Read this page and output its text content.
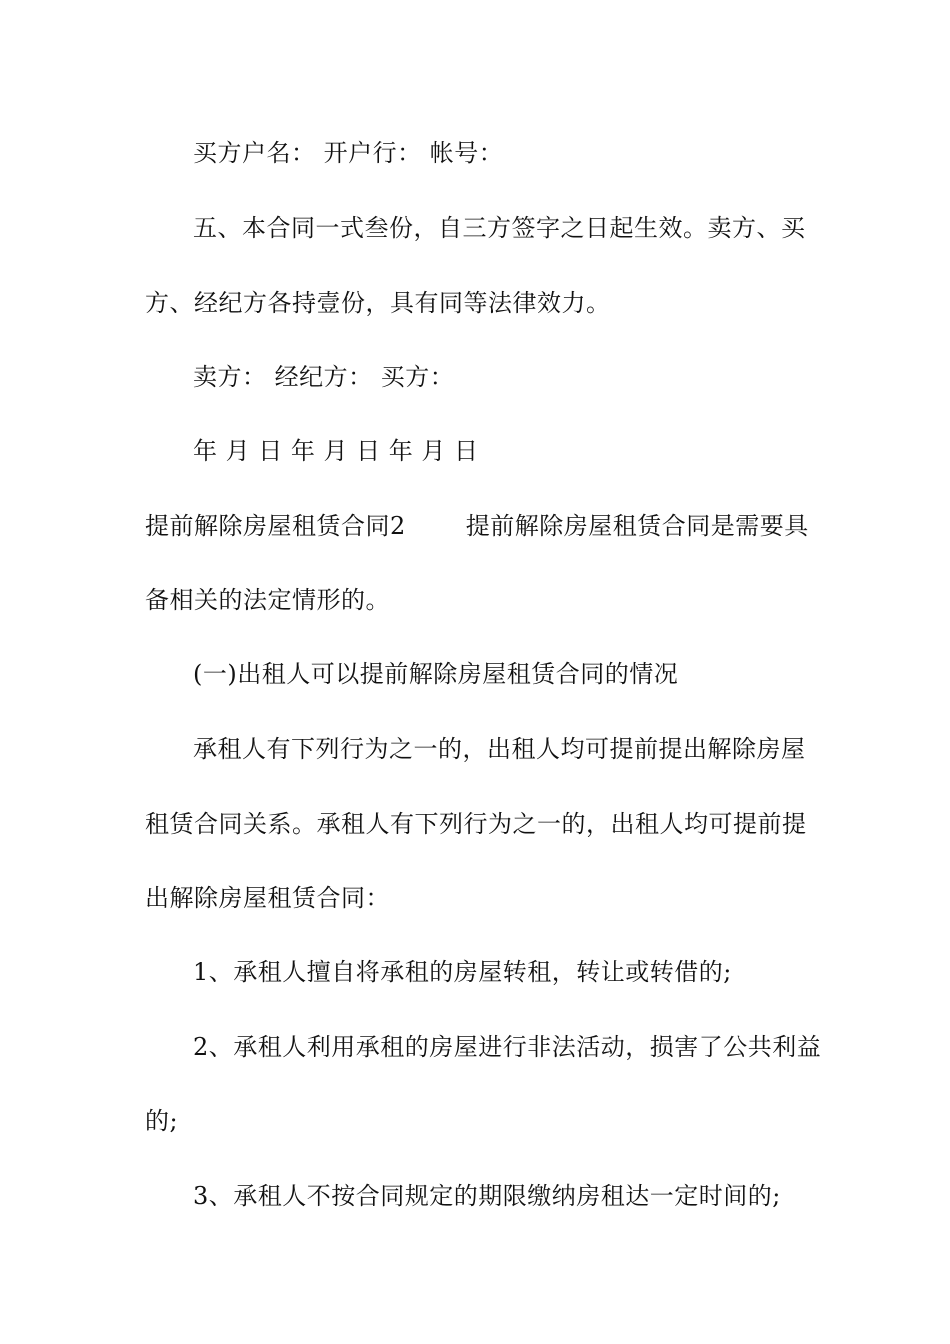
买方户名： 开户行： 帐号：
五、本合同一式叁份，自三方签字之日起生效。卖方、买
方、经纪方各持壹份，具有同等法律效力。
卖方： 经纪方： 买方：
年 月 日 年 月 日 年 月 日
提前解除房屋租赁合同2	提前解除房屋租赁合同是需要具
备相关的法定情形的。
(一)出租人可以提前解除房屋租赁合同的情况
承租人有下列行为之一的，出租人均可提前提出解除房屋
租赁合同关系。承租人有下列行为之一的，出租人均可提前提
出解除房屋租赁合同：
1、承租人擅自将承租的房屋转租，转让或转借的;
2、承租人利用承租的房屋进行非法活动，损害了公共利益
的;
3、承租人不按合同规定的期限缴纳房租达一定时间的;
